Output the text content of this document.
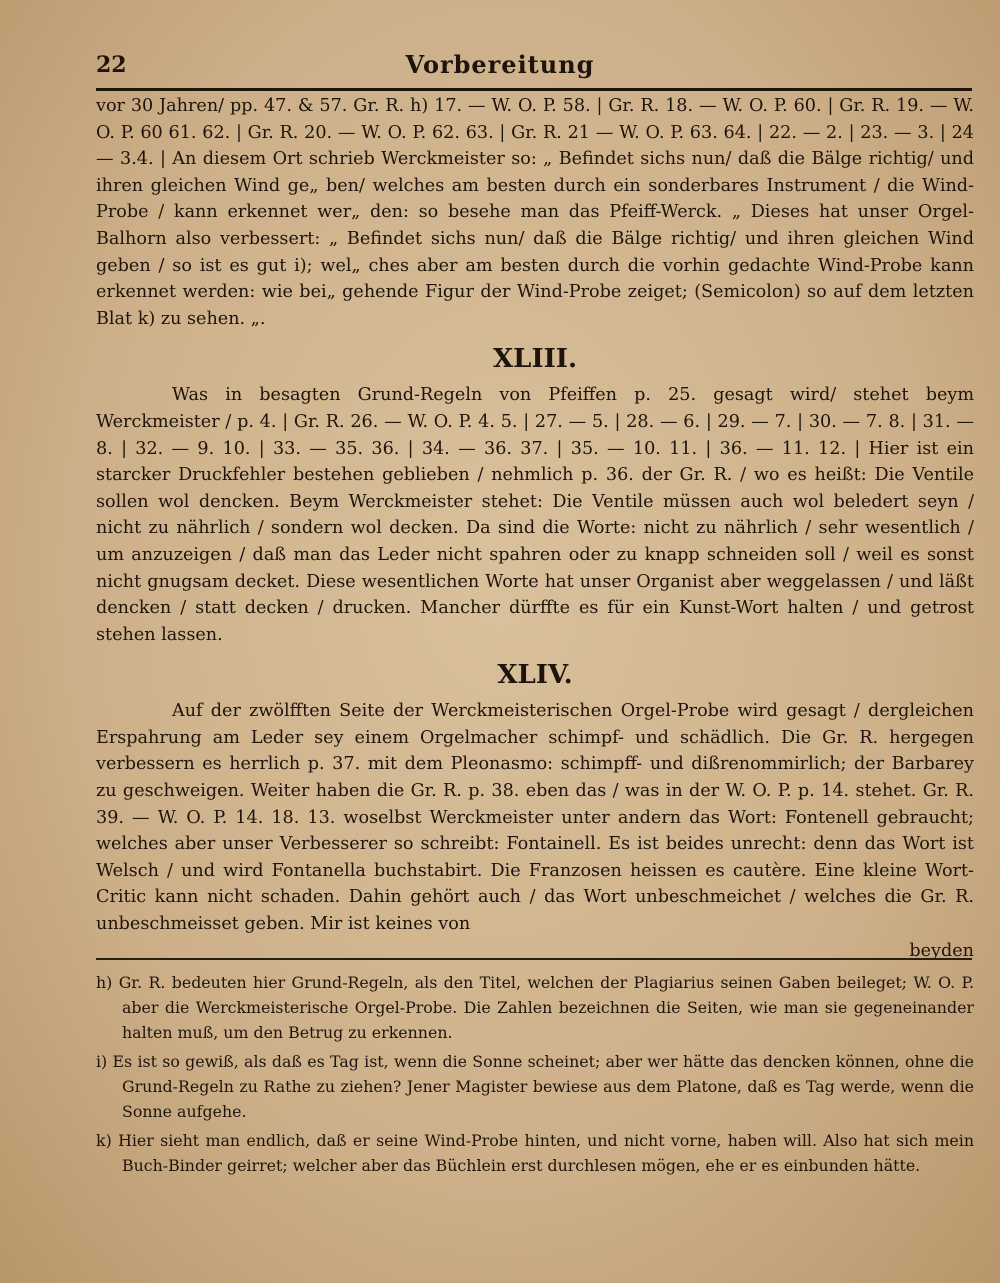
22	Vorbereitung

vor 30 Jahren/ pp. 47. & 57. Gr. R. h) 17. — W. O. P. 58. | Gr. R. 18. — W. O. P. 60. | Gr. R. 19. — W. O. P. 60 61. 62. | Gr. R. 20. — W. O. P. 62. 63. | Gr. R. 21 — W. O. P. 63. 64. | 22. — 2. | 23. — 3. | 24 — 3.4. | An diesem Ort schrieb Werckmeister so: „ Befindet sichs nun/ daß die Bälge richtig/ und ihren gleichen Wind ge„ ben/ welches am besten durch ein sonderbares Instrument / die Wind-Probe / kann erkennet wer„ den: so besehe man das Pfeiff-Werck. „ Dieses hat unser Orgel-Balhorn also verbessert: „ Befindet sichs nun/ daß die Bälge richtig/ und ihren gleichen Wind geben / so ist es gut i); wel„ ches aber am besten durch die vorhin gedachte Wind-Probe kann erkennet werden: wie bei„ gehende Figur der Wind-Probe zeiget; (Semicolon) so auf dem letzten Blat k) zu sehen. „.

XLIII.

Was in besagten Grund-Regeln von Pfeiffen p. 25. gesagt wird/ stehet beym Werckmeister / p. 4. | Gr. R. 26. — W. O. P. 4. 5. | 27. — 5. | 28. — 6. | 29. — 7. | 30. — 7. 8. | 31. — 8. | 32. — 9. 10. | 33. — 35. 36. | 34. — 36. 37. | 35. — 10. 11. | 36. — 11. 12. | Hier ist ein starcker Druckfehler bestehen geblieben / nehmlich p. 36. der Gr. R. / wo es heißt: Die Ventile sollen wol dencken. Beym Werckmeister stehet: Die Ventile müssen auch wol beledert seyn / nicht zu nährlich / sondern wol decken. Da sind die Worte: nicht zu nährlich / sehr wesentlich / um anzuzeigen / daß man das Leder nicht spahren oder zu knapp schneiden soll / weil es sonst nicht gnugsam decket. Diese wesentlichen Worte hat unser Organist aber weggelassen / und läßt dencken / statt decken / drucken. Mancher dürffte es für ein Kunst-Wort halten / und getrost stehen lassen.

XLIV.

Auf der zwölfften Seite der Werckmeisterischen Orgel-Probe wird gesagt / dergleichen Erspahrung am Leder sey einem Orgelmacher schimpf- und schädlich. Die Gr. R. hergegen verbessern es herrlich p. 37. mit dem Pleonasmo: schimpff- und dißrenommirlich; der Barbarey zu geschweigen. Weiter haben die Gr. R. p. 38. eben das / was in der W. O. P. p. 14. stehet. Gr. R. 39. — W. O. P. 14. 18. 13. woselbst Werckmeister unter andern das Wort: Fontenell gebraucht; welches aber unser Verbesserer so schreibt: Fontainell. Es ist beides unrecht: denn das Wort ist Welsch / und wird Fontanella buchstabirt. Die Franzosen heissen es cautère. Eine kleine Wort-Critic kann nicht schaden. Dahin gehört auch / das Wort unbeschmeichet / welches die Gr. R. unbeschmeisset geben. Mir ist keines von

beyden

h) Gr. R. bedeuten hier Grund-Regeln, als den Titel, welchen der Plagiarius seinen Gaben beileget; W. O. P. aber die Werckmeisterische Orgel-Probe. Die Zahlen bezeichnen die Seiten, wie man sie gegeneinander halten muß, um den Betrug zu erkennen.

i) Es ist so gewiß, als daß es Tag ist, wenn die Sonne scheinet; aber wer hätte das dencken können, ohne die Grund-Regeln zu Rathe zu ziehen? Jener Magister bewiese aus dem Platone, daß es Tag werde, wenn die Sonne aufgehe.

k) Hier sieht man endlich, daß er seine Wind-Probe hinten, und nicht vorne, haben will. Also hat sich mein Buch-Binder geirret; welcher aber das Büchlein erst durchlesen mögen, ehe er es einbunden hätte.
